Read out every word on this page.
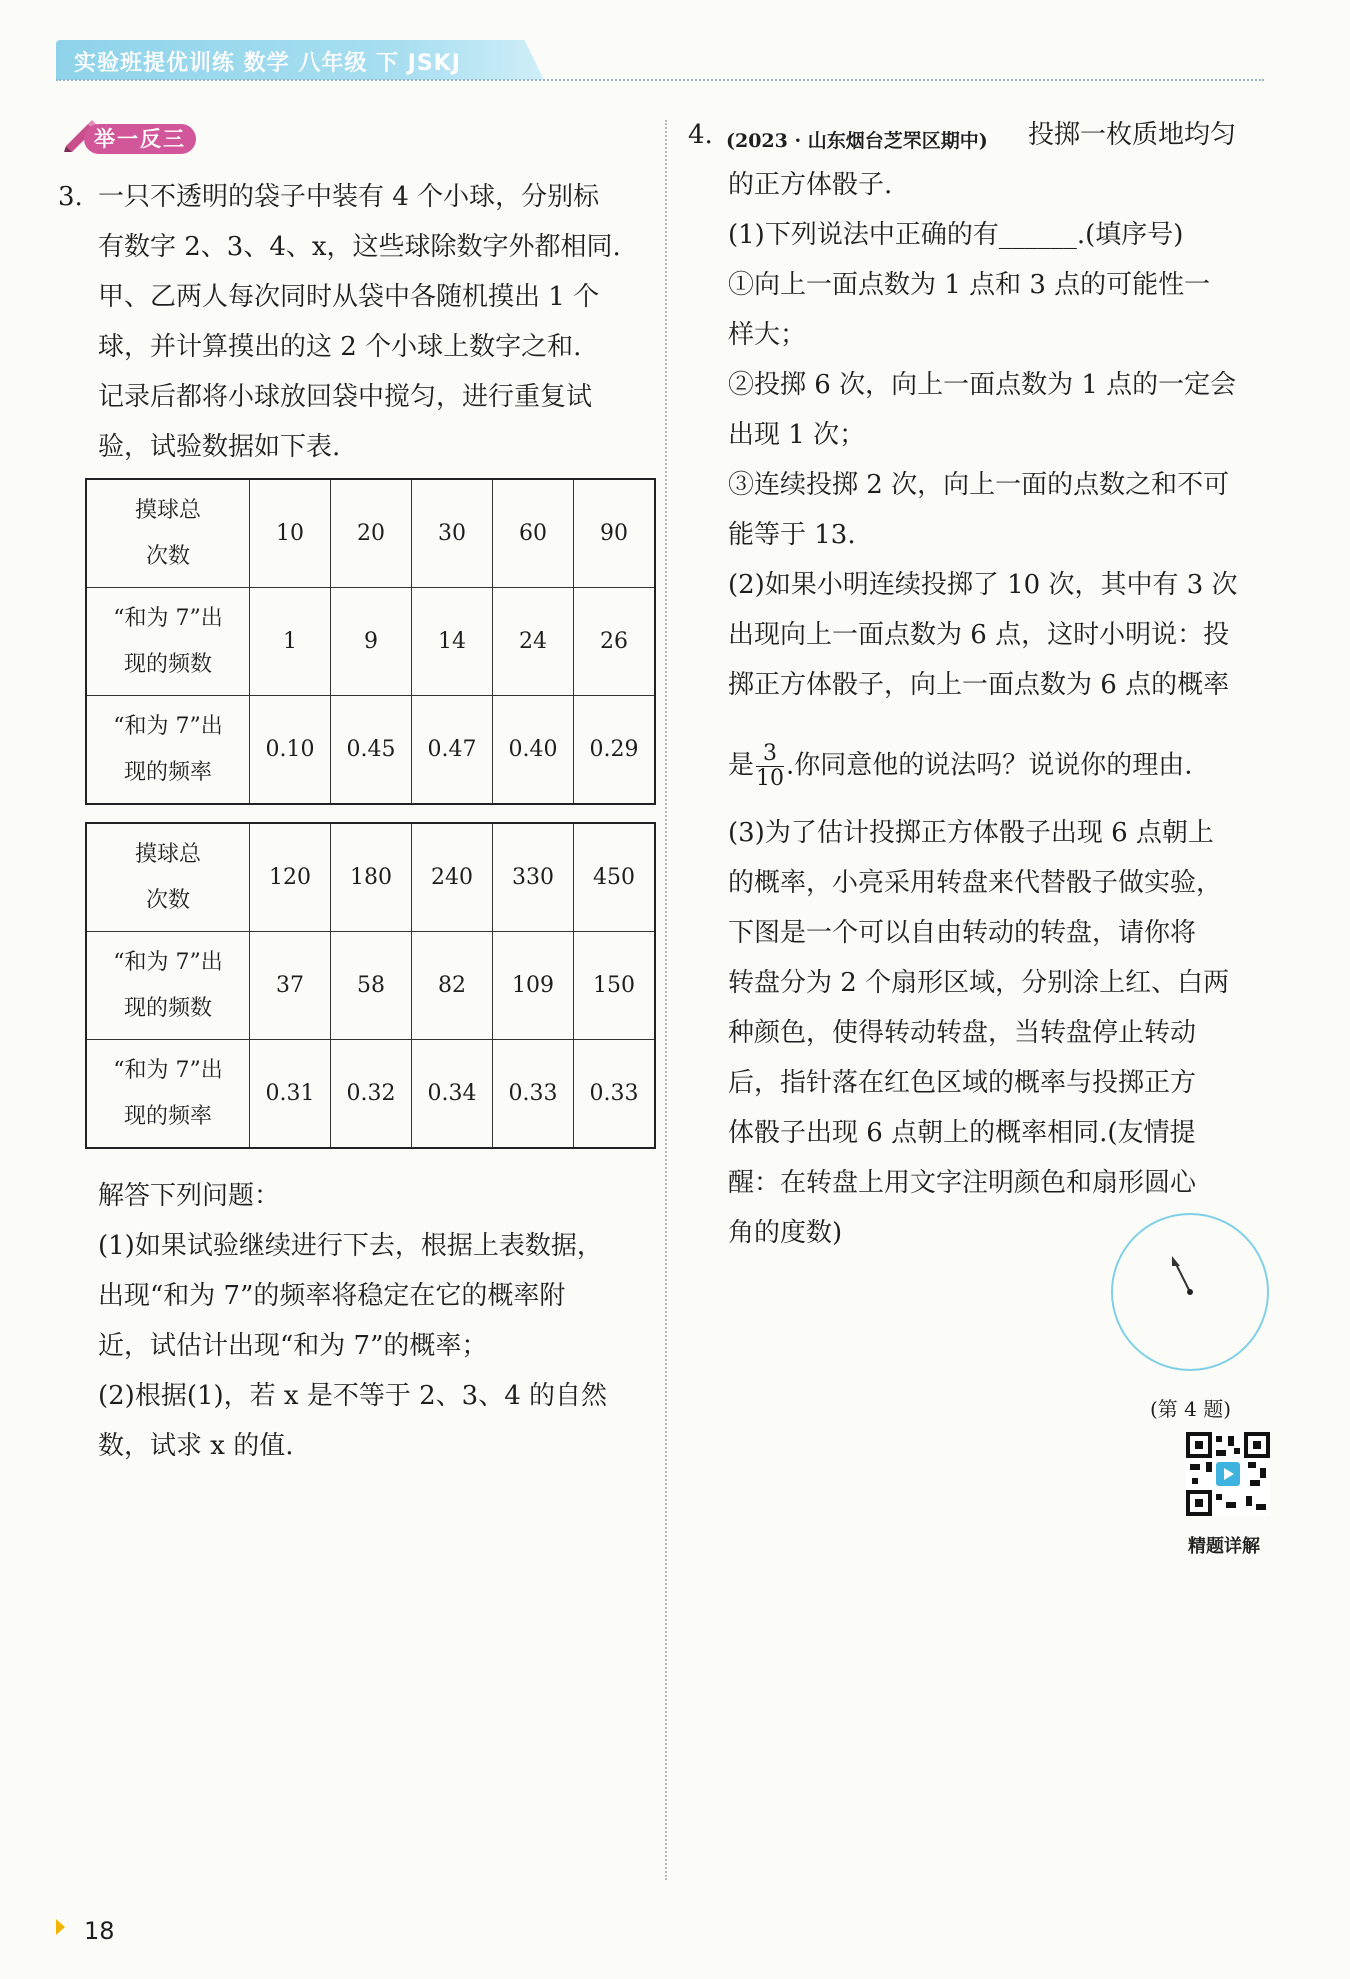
实验班提优训练 数学 八年级 下 JSKJ
举一反三
3. 一只不透明的袋子中装有 4 个小球，分别标
有数字 2、3、4、x，这些球除数字外都相同.
甲、乙两人每次同时从袋中各随机摸出 1 个
球，并计算摸出的这 2 个小球上数字之和.
记录后都将小球放回袋中搅匀，进行重复试
验，试验数据如下表.
摸球总
次数	10	20	30	60	90
“和为 7”出
现的频数	1	9	14	24	26
“和为 7”出
现的频率	0.10	0.45	0.47	0.40	0.29
摸球总
次数	120	180	240	330	450
“和为 7”出
现的频数	37	58	82	109	150
“和为 7”出
现的频率	0.31	0.32	0.34	0.33	0.33
解答下列问题：
(1)如果试验继续进行下去，根据上表数据，
出现“和为 7”的频率将稳定在它的概率附
近，试估计出现“和为 7”的概率；
(2)根据(1)，若 x 是不等于 2、3、4 的自然
数，试求 x 的值.
4. (2023 · 山东烟台芝罘区期中) 投掷一枚质地均匀
的正方体骰子.
(1)下列说法中正确的有______.(填序号)
①向上一面点数为 1 点和 3 点的可能性一
样大；
②投掷 6 次，向上一面点数为 1 点的一定会
出现 1 次；
③连续投掷 2 次，向上一面的点数之和不可
能等于 13.
(2)如果小明连续投掷了 10 次，其中有 3 次
出现向上一面点数为 6 点，这时小明说：投
掷正方体骰子，向上一面点数为 6 点的概率
是 $\frac{3}{10}$ .你同意他的说法吗？说说你的理由.
(3)为了估计投掷正方体骰子出现 6 点朝上
的概率，小亮采用转盘来代替骰子做实验，
下图是一个可以自由转动的转盘，请你将
转盘分为 2 个扇形区域，分别涂上红、白两
种颜色，使得转动转盘，当转盘停止转动
后，指针落在红色区域的概率与投掷正方
体骰子出现 6 点朝上的概率相同.(友情提
醒：在转盘上用文字注明颜色和扇形圆心
角的度数)
(第 4 题)
精题详解
18
